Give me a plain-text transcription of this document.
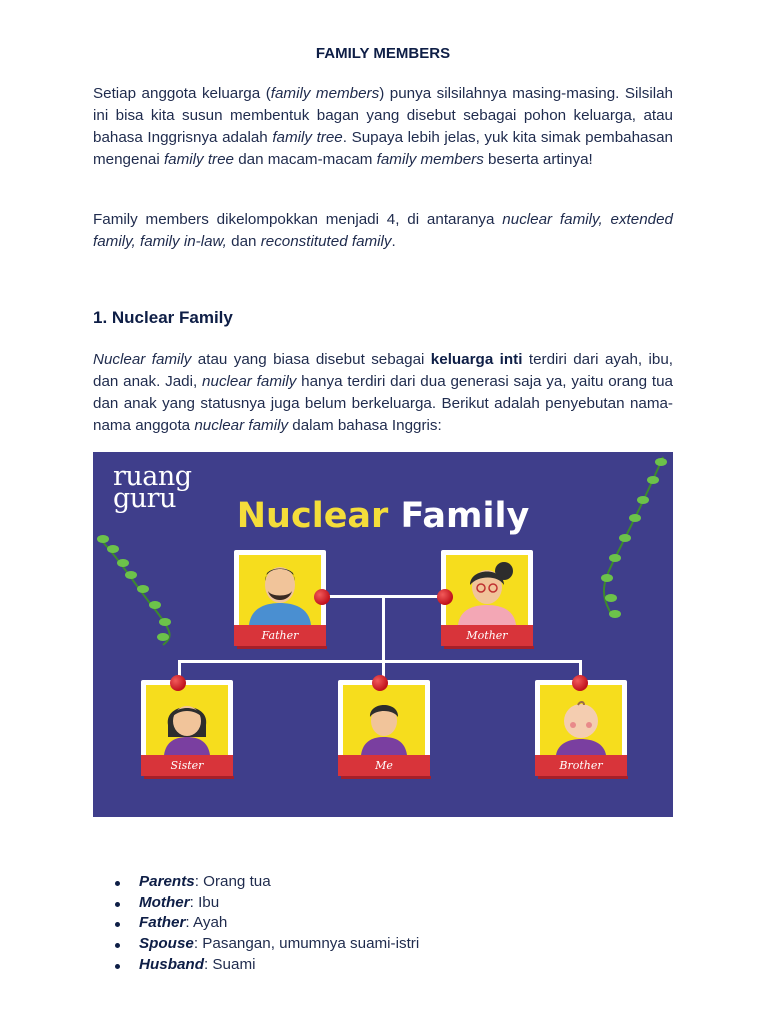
FAMILY MEMBERS

Setiap anggota keluarga (family members) punya silsilahnya masing-masing. Silsilah ini bisa kita susun membentuk bagan yang disebut sebagai pohon keluarga, atau bahasa Inggrisnya adalah family tree. Supaya lebih jelas, yuk kita simak pembahasan mengenai family tree dan macam-macam family members beserta artinya!

Family members dikelompokkan menjadi 4, di antaranya nuclear family, extended family, family in-law, dan reconstituted family.

1. Nuclear Family

Nuclear family atau yang biasa disebut sebagai keluarga inti terdiri dari ayah, ibu, dan anak. Jadi, nuclear family hanya terdiri dari dua generasi saja ya, yaitu orang tua dan anak yang statusnya juga belum berkeluarga. Berikut adalah penyebutan nama-nama anggota nuclear family dalam bahasa Inggris:

ruang
guru	Nuclear Family
Father	Mother
Sister	Me	Brother
Parents: Orang tua
Mother: Ibu
Father: Ayah
Spouse: Pasangan, umumnya suami-istri
Husband: Suami
